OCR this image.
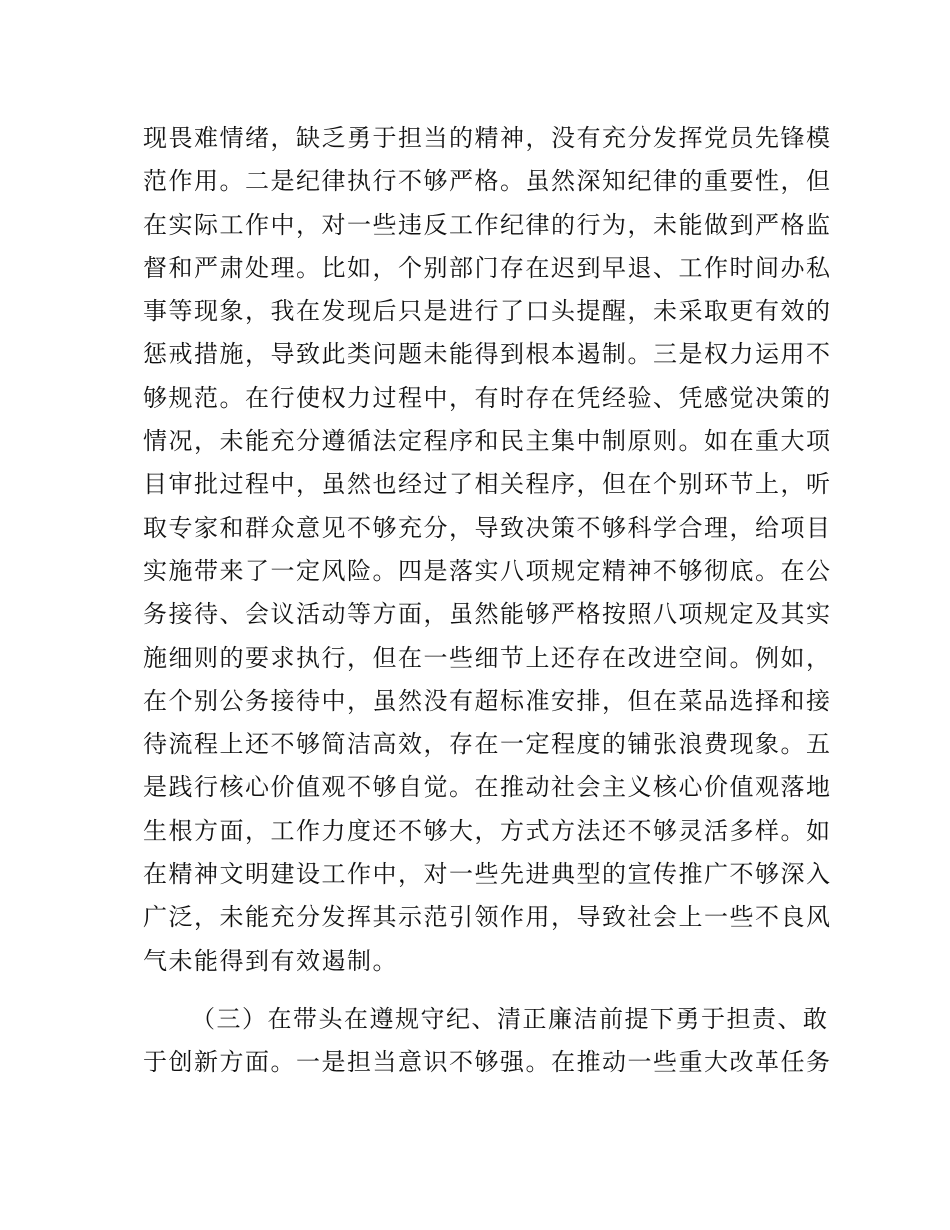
现畏难情绪，缺乏勇于担当的精神，没有充分发挥党员先锋模
范作用。二是纪律执行不够严格。虽然深知纪律的重要性，但
在实际工作中，对一些违反工作纪律的行为，未能做到严格监
督和严肃处理。比如，个别部门存在迟到早退、工作时间办私
事等现象，我在发现后只是进行了口头提醒，未采取更有效的
惩戒措施，导致此类问题未能得到根本遏制。三是权力运用不
够规范。在行使权力过程中，有时存在凭经验、凭感觉决策的
情况，未能充分遵循法定程序和民主集中制原则。如在重大项
目审批过程中，虽然也经过了相关程序，但在个别环节上，听
取专家和群众意见不够充分，导致决策不够科学合理，给项目
实施带来了一定风险。四是落实八项规定精神不够彻底。在公
务接待、会议活动等方面，虽然能够严格按照八项规定及其实
施细则的要求执行，但在一些细节上还存在改进空间。例如，
在个别公务接待中，虽然没有超标准安排，但在菜品选择和接
待流程上还不够简洁高效，存在一定程度的铺张浪费现象。五
是践行核心价值观不够自觉。在推动社会主义核心价值观落地
生根方面，工作力度还不够大，方式方法还不够灵活多样。如
在精神文明建设工作中，对一些先进典型的宣传推广不够深入
广泛，未能充分发挥其示范引领作用，导致社会上一些不良风
气未能得到有效遏制。
（三）在带头在遵规守纪、清正廉洁前提下勇于担责、敢
于创新方面。一是担当意识不够强。在推动一些重大改革任务
